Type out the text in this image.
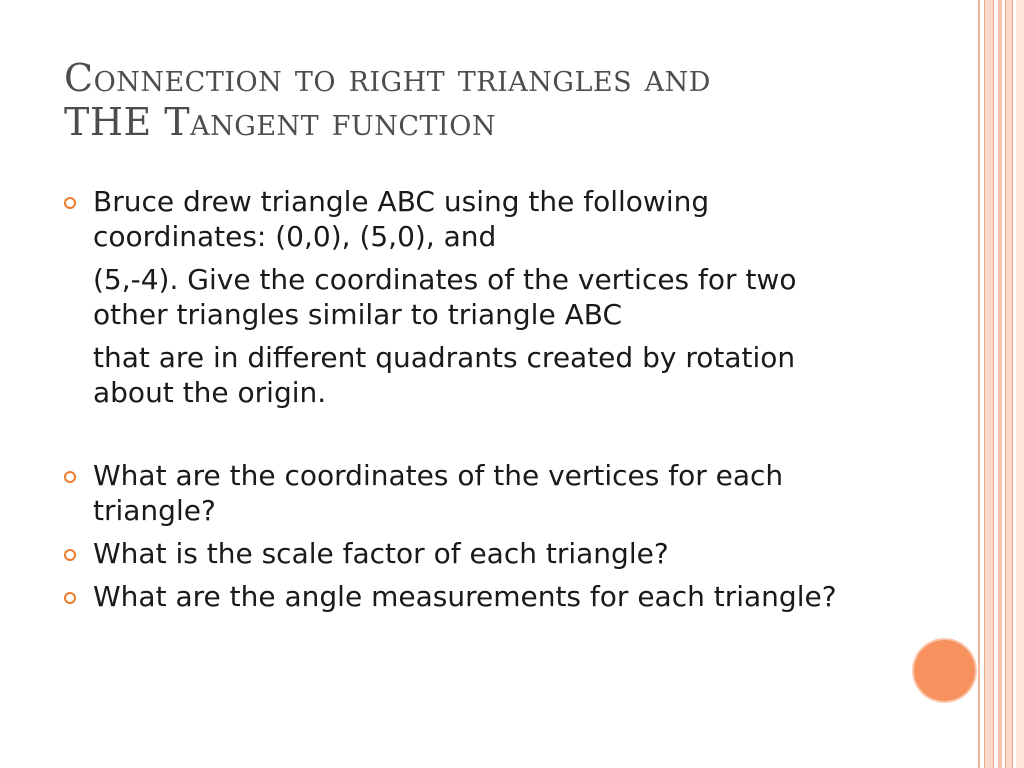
Connection to right triangles and
THE Tangent function
Bruce drew triangle ABC using the following coordinates: (0,0), (5,0), and
(5,-4). Give the coordinates of the vertices for two other triangles similar to triangle ABC
that are in different quadrants created by rotation about the origin.
What are the coordinates of the vertices for each triangle?
What is the scale factor of each triangle?
What are the angle measurements for each triangle?
